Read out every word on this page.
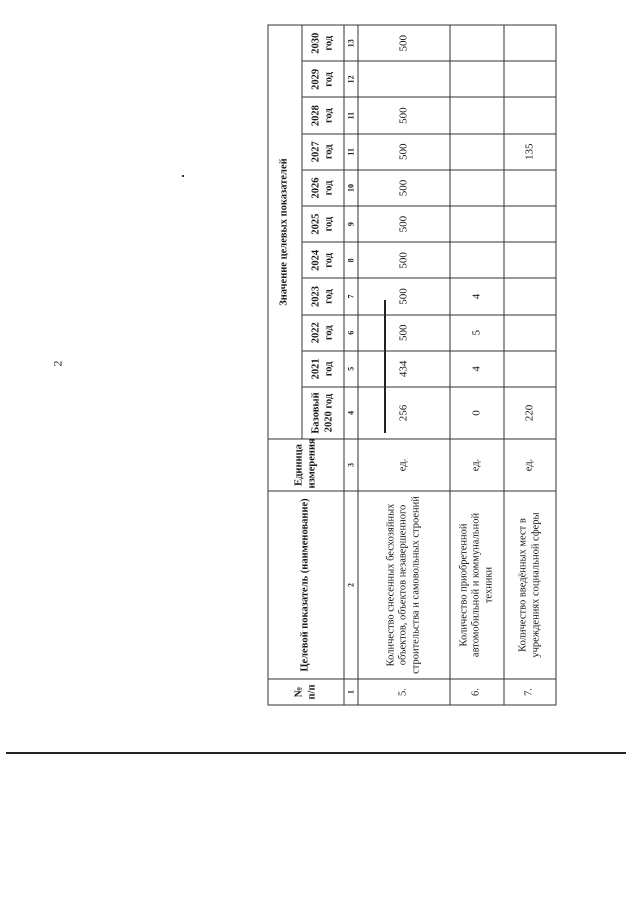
2
№ п/п	Целевой показатель (наименование)	Единица измерения	Значение целевых показателей										
			Базовый 2020 год	2021 год	2022 год	2023 год	2024 год	2025 год	2026 год	2027 год	2028 год	2029 год	2030 год
1	2	3	4	5	6	7	8	9	10	11	11	12	13
5.	Количество снесенных бесхозяйных объектов, объектов незавершенного строительства и самовольных строений	ед.	256	434	500	500	500	500	500	500	500		500
6.	Количество приобретенной автомобильной и коммунальной техники	ед.	0	4	5	4							
7.	Количество введённых мест в учреждениях социальной сферы	ед.	220							135			
